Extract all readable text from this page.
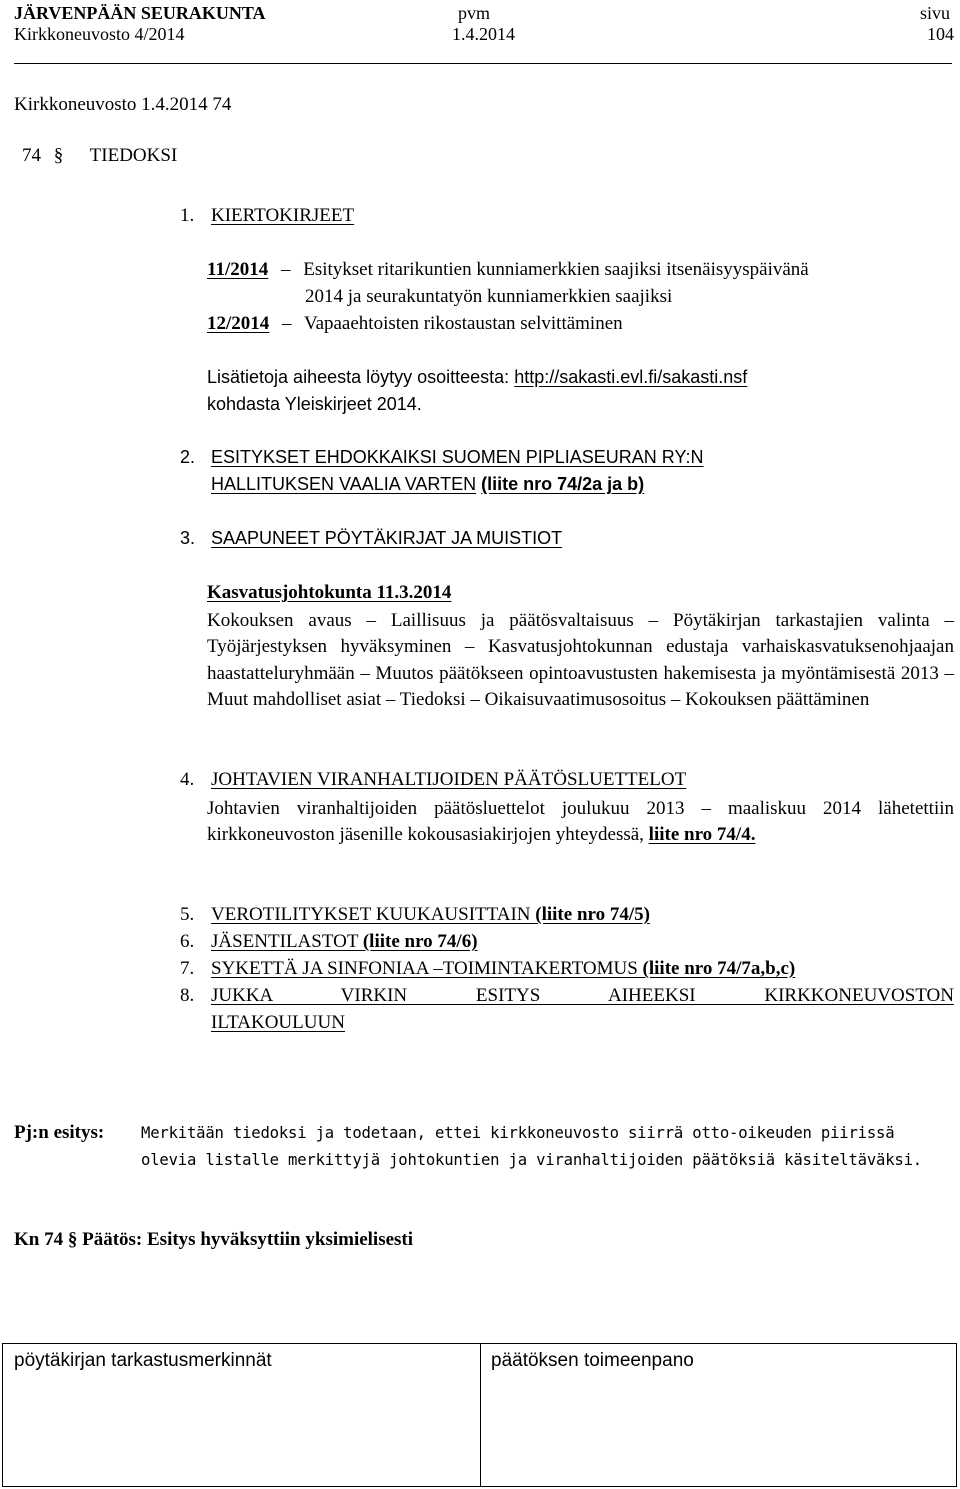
JÄRVENPÄÄN SEURAKUNTA	pvm	sivu
Kirkkoneuvosto 4/2014	1.4.2014	104
Kirkkoneuvosto 1.4.2014 74
74 § TIEDOKSI
1. KIERTOKIRJEET
11/2014 – Esitykset ritarikuntien kunniamerkkien saajiksi itsenäisyyspäivänä
2014 ja seurakuntatyön kunniamerkkien saajiksi
12/2014 – Vapaaehtoisten rikostaustan selvittäminen
Lisätietoja aiheesta löytyy osoitteesta: http://sakasti.evl.fi/sakasti.nsf
kohdasta Yleiskirjeet 2014.
2. ESITYKSET EHDOKKAIKSI SUOMEN PIPLIASEURAN RY:N
HALLITUKSEN VAALIA VARTEN (liite nro 74/2a ja b)
3. SAAPUNEET PÖYTÄKIRJAT JA MUISTIOT
Kasvatusjohtokunta 11.3.2014
Kokouksen avaus – Laillisuus ja päätösvaltaisuus – Pöytäkirjan tarkastajien valinta – Työjärjestyksen hyväksyminen – Kasvatusjohtokunnan edustaja varhaiskasvatuksenohjaajan haastatteluryhmään – Muutos päätökseen opintoavustusten hakemisesta ja myöntämisestä 2013 – Muut mahdolliset asiat – Tiedoksi – Oikaisuvaatimusosoitus – Kokouksen päättäminen
4. JOHTAVIEN VIRANHALTIJOIDEN PÄÄTÖSLUETTELOT
Johtavien viranhaltijoiden päätösluettelot joulukuu 2013 – maaliskuu 2014 lähetettiin kirkkoneuvoston jäsenille kokousasiakirjojen yhteydessä, liite nro 74/4.
5. VEROTILITYKSET KUUKAUSITTAIN (liite nro 74/5)
6. JÄSENTILASTOT (liite nro 74/6)
7. SYKETTÄ JA SINFONIAA –TOIMINTAKERTOMUS (liite nro 74/7a,b,c)
8. JUKKA VIRKIN ESITYS AIHEEKSI KIRKKONEUVOSTON
ILTAKOULUUN
Pj:n esitys: Merkitään tiedoksi ja todetaan, ettei kirkkoneuvosto siirrä otto-oikeuden piirissä
olevia listalle merkittyjä johtokuntien ja viranhaltijoiden päätöksiä käsiteltäväksi.
Kn 74 § Päätös: Esitys hyväksyttiin yksimielisesti
pöytäkirjan tarkastusmerkinnät	päätöksen toimeenpano
